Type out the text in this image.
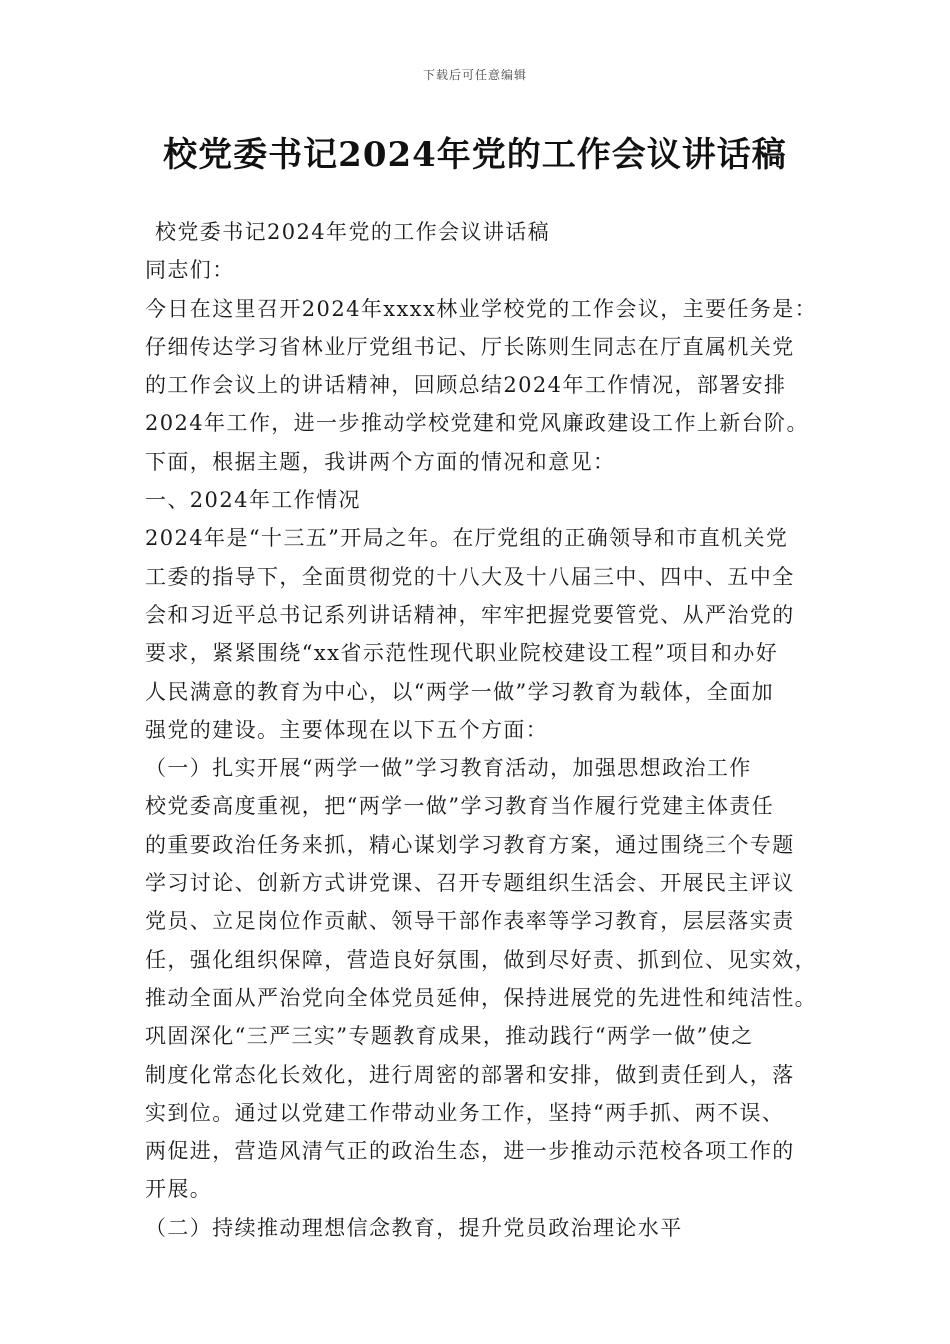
下载后可任意编辑
校党委书记2024年党的工作会议讲话稿
校党委书记2024年党的工作会议讲话稿
同志们：
今日在这里召开2024年xxxx林业学校党的工作会议，主要任务是：
仔细传达学习省林业厅党组书记、厅长陈则生同志在厅直属机关党
的工作会议上的讲话精神，回顾总结2024年工作情况，部署安排
2024年工作，进一步推动学校党建和党风廉政建设工作上新台阶。
下面，根据主题，我讲两个方面的情况和意见：
一、2024年工作情况
2024年是“十三五”开局之年。在厅党组的正确领导和市直机关党
工委的指导下，全面贯彻党的十八大及十八届三中、四中、五中全
会和习近平总书记系列讲话精神，牢牢把握党要管党、从严治党的
要求，紧紧围绕“xx省示范性现代职业院校建设工程”项目和办好
人民满意的教育为中心，以“两学一做”学习教育为载体，全面加
强党的建设。主要体现在以下五个方面：
（一）扎实开展“两学一做”学习教育活动，加强思想政治工作
校党委高度重视，把“两学一做”学习教育当作履行党建主体责任
的重要政治任务来抓，精心谋划学习教育方案，通过围绕三个专题
学习讨论、创新方式讲党课、召开专题组织生活会、开展民主评议
党员、立足岗位作贡献、领导干部作表率等学习教育，层层落实责
任，强化组织保障，营造良好氛围，做到尽好责、抓到位、见实效，
推动全面从严治党向全体党员延伸，保持进展党的先进性和纯洁性。
巩固深化“三严三实”专题教育成果，推动践行“两学一做”使之
制度化常态化长效化，进行周密的部署和安排，做到责任到人，落
实到位。通过以党建工作带动业务工作，坚持“两手抓、两不误、
两促进，营造风清气正的政治生态，进一步推动示范校各项工作的
开展。
（二）持续推动理想信念教育，提升党员政治理论水平
